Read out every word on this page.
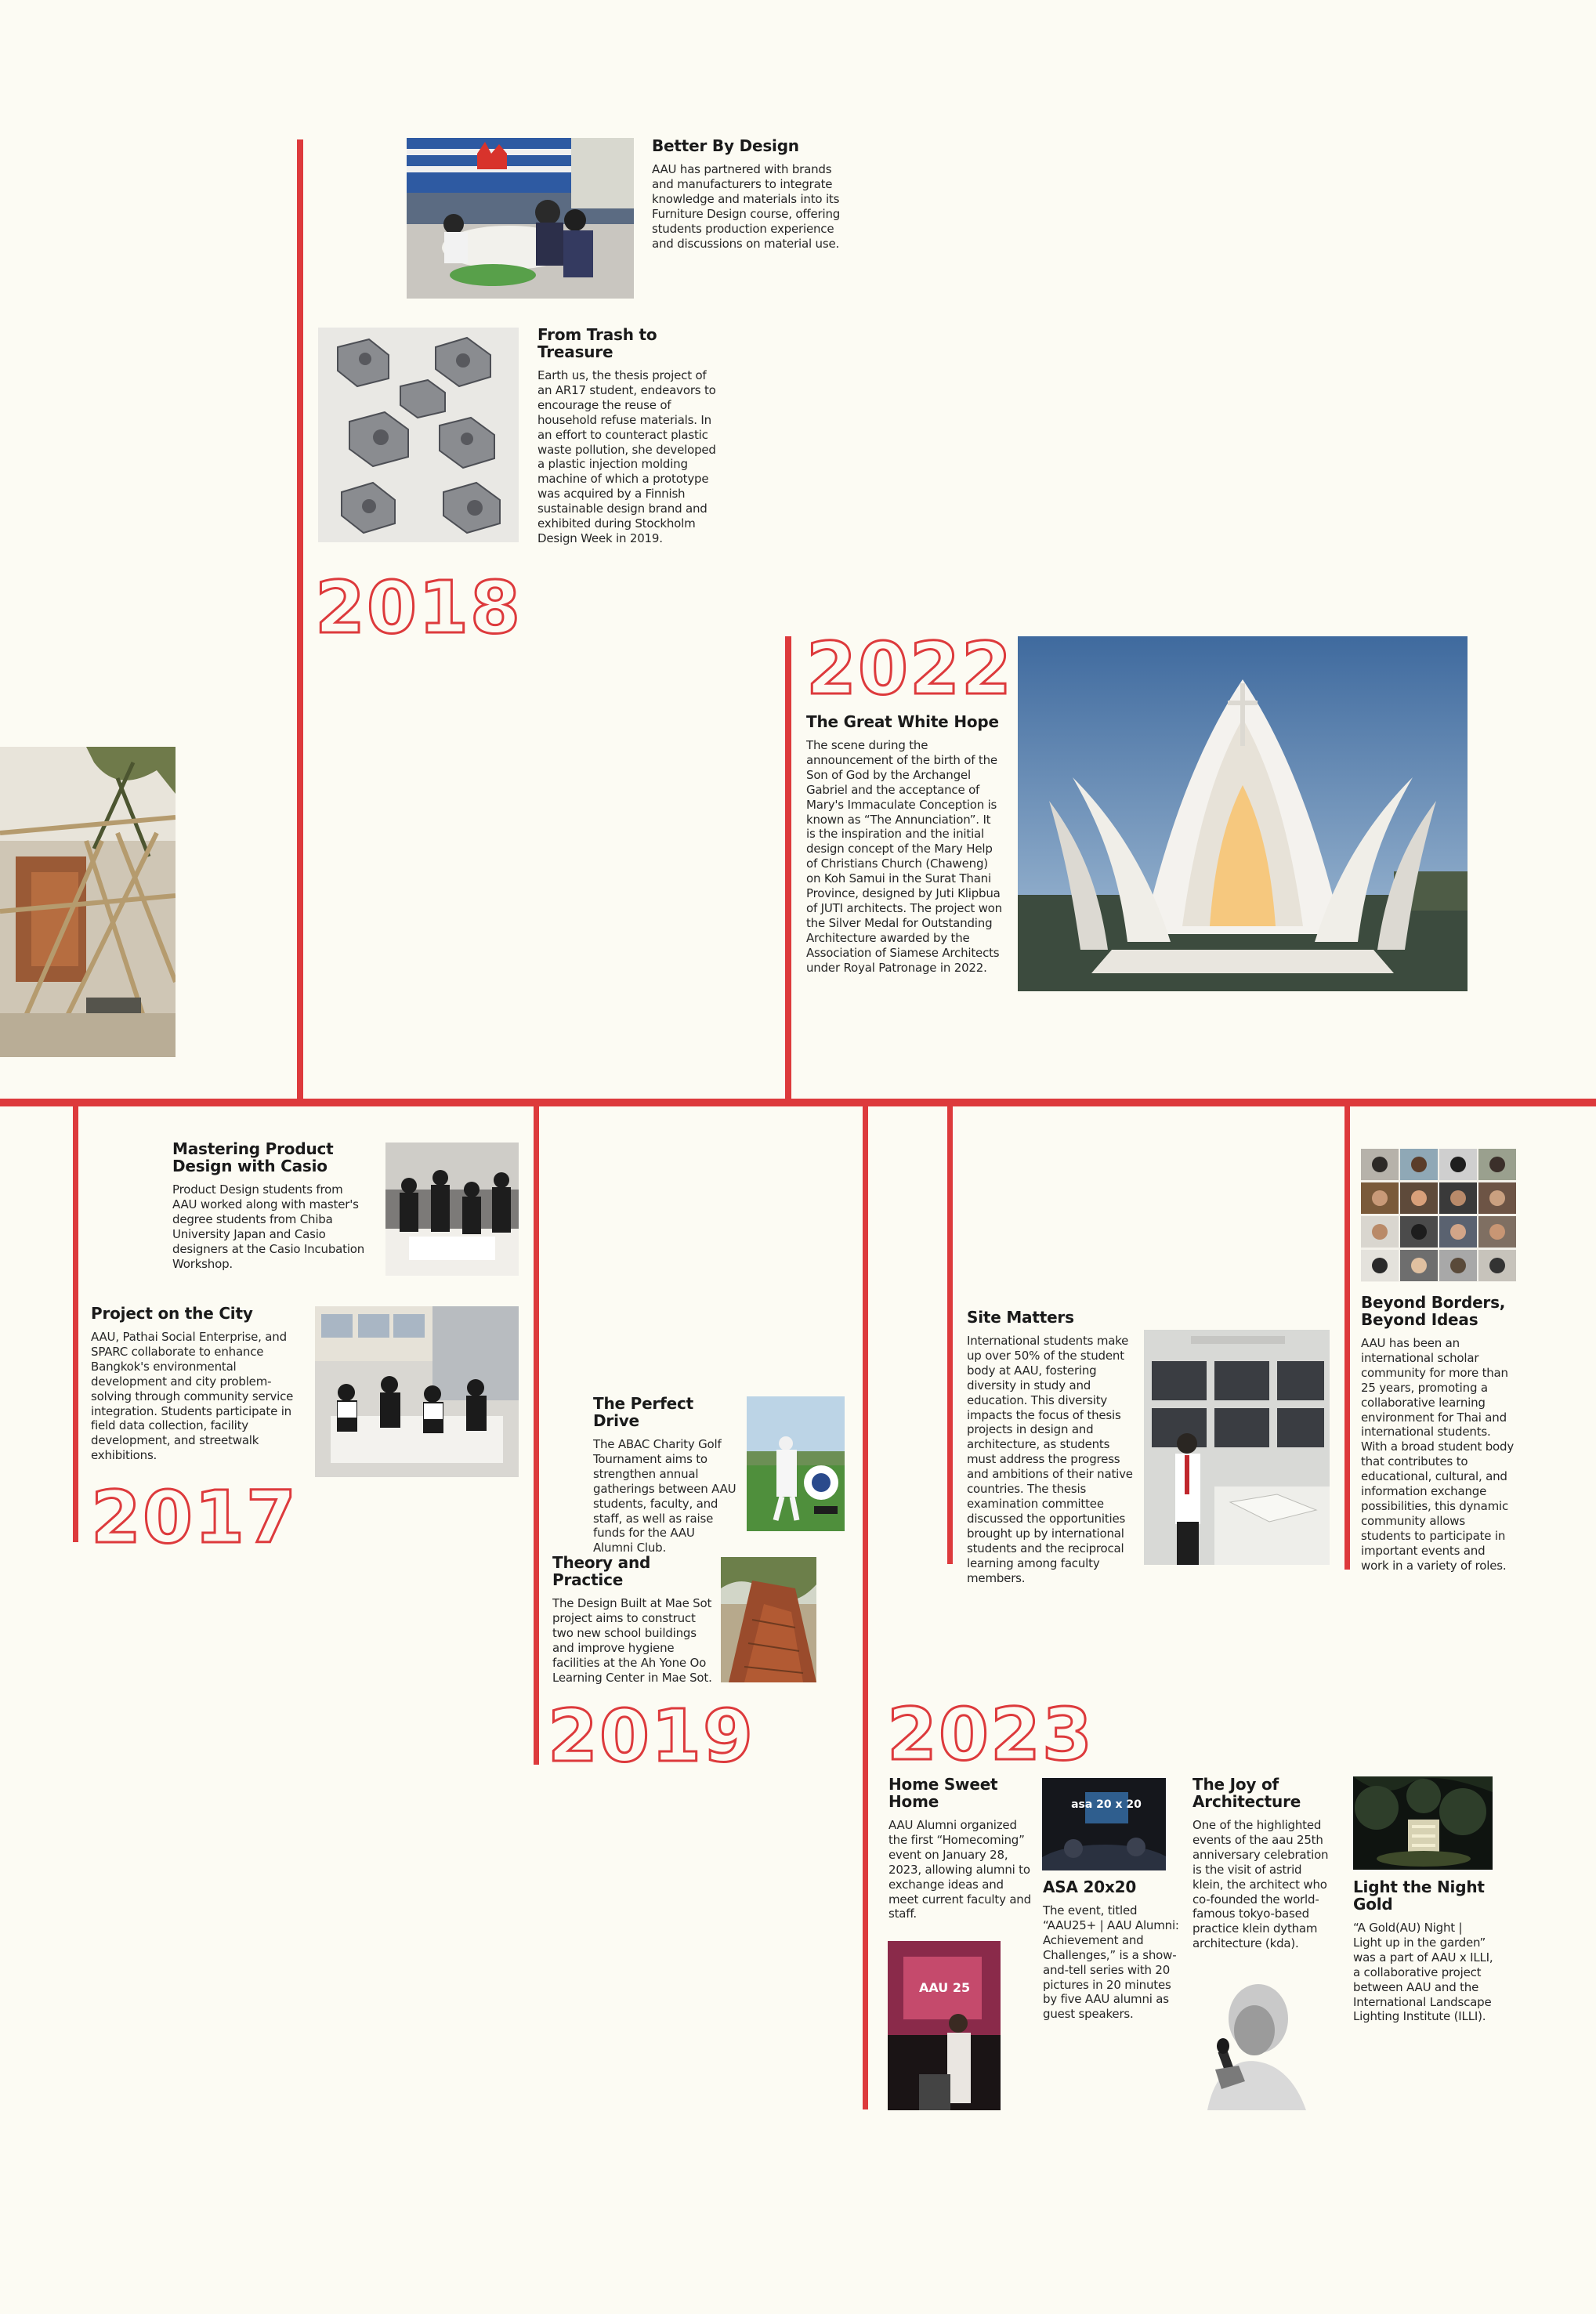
2018
2022
2017
2019 2023
asa 20 x 20
AAU 25
Better By Design

AAU has partnered with brands and manufacturers to integrate knowledge and materials into its Furniture Design course, offering students production experience and discussions on material use.

From Trash to Treasure

Earth us, the thesis project of an AR17 student, endeavors to encourage the reuse of household refuse materials. In an effort to counteract plastic waste pollution, she developed a plastic injection molding machine of which a prototype was acquired by a Finnish sustainable design brand and exhibited during Stockholm Design Week in 2019.

The Great White Hope

The scene during the announcement of the birth of the Son of God by the Archangel Gabriel and the acceptance of Mary's Immaculate Conception is known as “The Annunciation”. It is the inspiration and the initial design concept of the Mary Help of Christians Church (Chaweng) on Koh Samui in the Surat Thani Province, designed by Juti Klipbua of JUTI architects. The project won the Silver Medal for Outstanding Architecture awarded by the Association of Siamese Architects under Royal Patronage in 2022.

Mastering Product Design with Casio

Product Design students from AAU worked along with master's degree students from Chiba University Japan and Casio designers at the Casio Incubation Workshop.

Project on the City

AAU, Pathai Social Enterprise, and SPARC collaborate to enhance Bangkok's environmental development and city problem-solving through community service integration. Students participate in field data collection, facility development, and streetwalk exhibitions.

The Perfect Drive

The ABAC Charity Golf Tournament aims to strengthen annual gatherings between AAU students, faculty, and staff, as well as raise funds for the AAU Alumni Club.

Theory and Practice

The Design Built at Mae Sot project aims to construct two new school buildings and improve hygiene facilities at the Ah Yone Oo Learning Center in Mae Sot.

Site Matters

International students make up over 50% of the student body at AAU, fostering diversity in study and education. This diversity impacts the focus of thesis projects in design and architecture, as students must address the progress and ambitions of their native countries. The thesis examination committee discussed the opportunities brought up by international students and the reciprocal learning among faculty members.

Beyond Borders, Beyond Ideas

AAU has been an international scholar community for more than 25 years, promoting a collaborative learning environment for Thai and international students. With a broad student body that contributes to educational, cultural, and information exchange possibilities, this dynamic community allows students to participate in important events and work in a variety of roles.

Home Sweet Home

AAU Alumni organized the first “Homecoming” event on January 28, 2023, allowing alumni to exchange ideas and meet current faculty and staff.

ASA 20x20

The event, titled “AAU25+ | AAU Alumni: Achievement and Challenges,” is a show-and-tell series with 20 pictures in 20 minutes by five AAU alumni as guest speakers.

The Joy of Architecture

One of the highlighted events of the aau 25th anniversary celebration is the visit of astrid klein, the architect who co-founded the world-famous tokyo-based practice klein dytham architecture (kda).

Light the Night Gold

“A Gold(AU) Night | Light up in the garden” was a part of AAU x ILLI, a collaborative project between AAU and the International Landscape Lighting Institute (ILLI).
